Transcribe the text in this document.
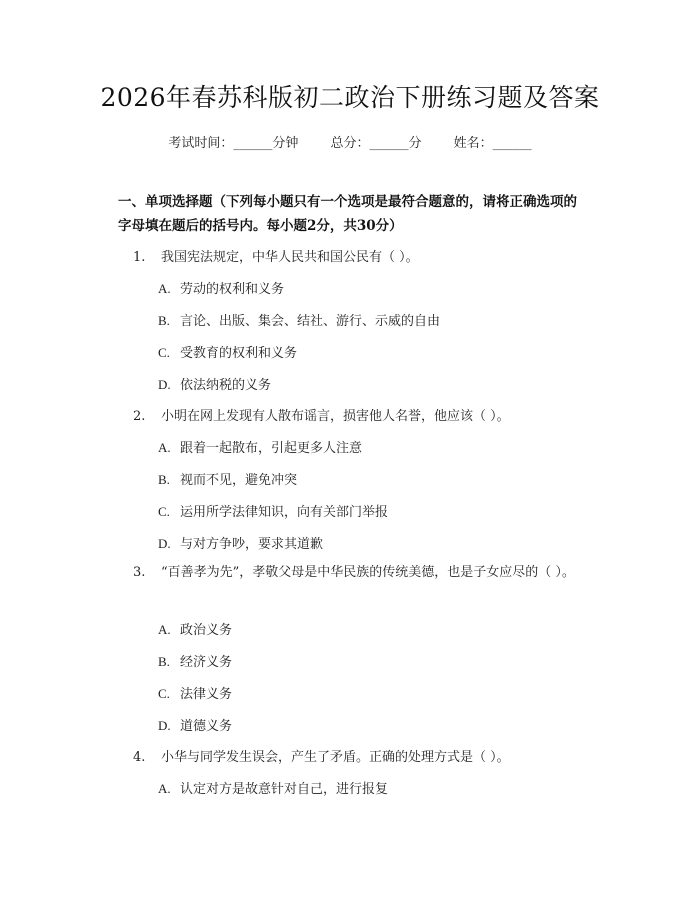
2026年春苏科版初二政治下册练习题及答案
考试时间：______分钟 总分：______分 姓名：______
一、单项选择题（下列每小题只有一个选项是最符合题意的，请将正确选项的字母填在题后的括号内。每小题2分，共30分）
1. 我国宪法规定，中华人民共和国公民有（ ）。
A. 劳动的权利和义务
B. 言论、出版、集会、结社、游行、示威的自由
C. 受教育的权利和义务
D. 依法纳税的义务
2. 小明在网上发现有人散布谣言，损害他人名誉，他应该（ ）。
A. 跟着一起散布，引起更多人注意
B. 视而不见，避免冲突
C. 运用所学法律知识，向有关部门举报
D. 与对方争吵，要求其道歉
3. “百善孝为先”，孝敬父母是中华民族的传统美德，也是子女应尽的（ ）。
A. 政治义务
B. 经济义务
C. 法律义务
D. 道德义务
4. 小华与同学发生误会，产生了矛盾。正确的处理方式是（ ）。
A. 认定对方是故意针对自己，进行报复
